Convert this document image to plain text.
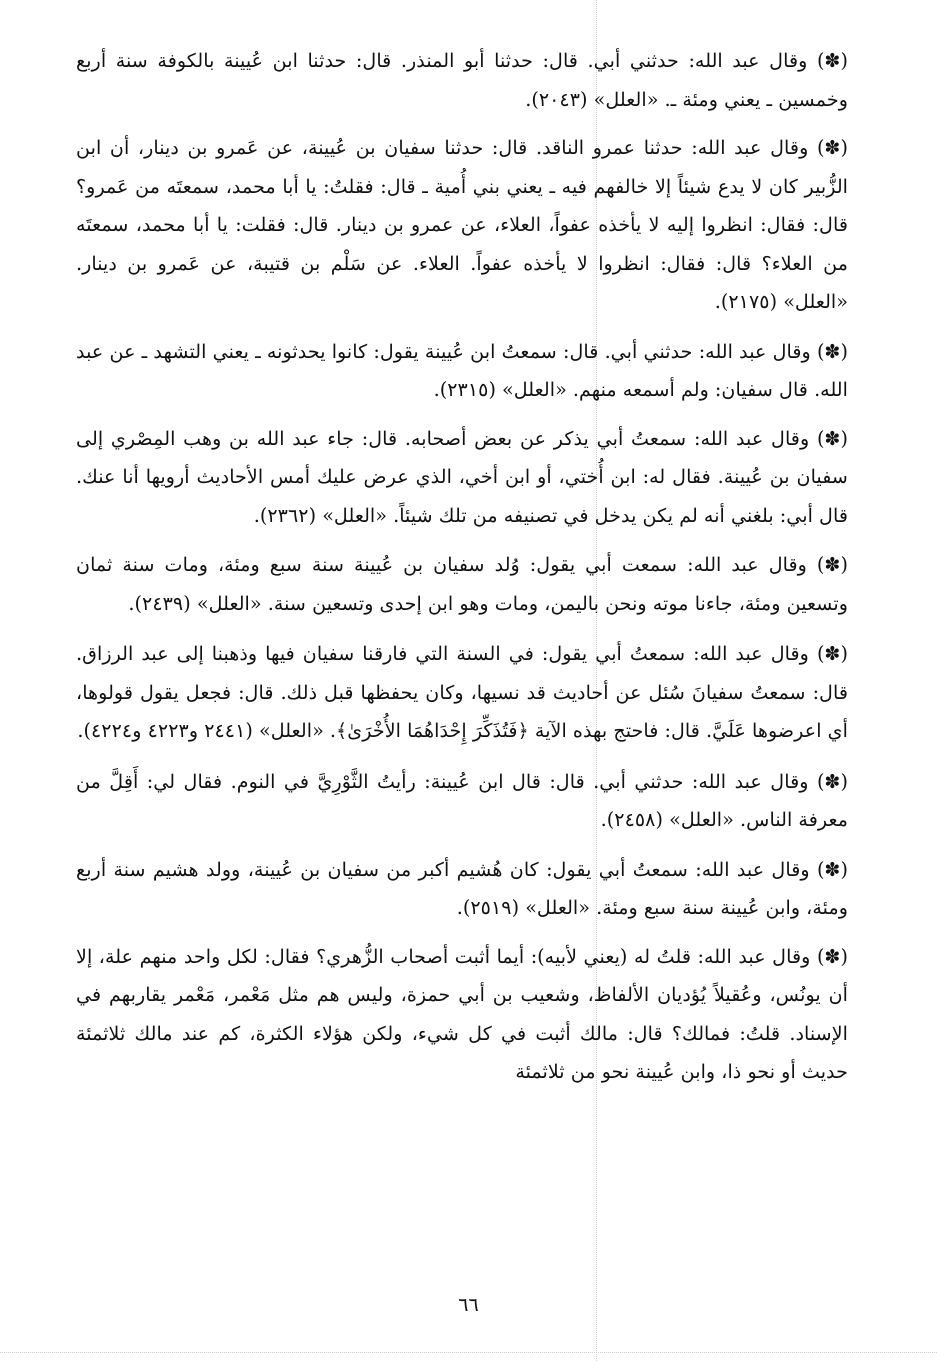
(✽) وقال عبد الله: حدثني أبي. قال: حدثنا أبو المنذر. قال: حدثنا ابن عُيينة بالكوفة سنة أربع وخمسين ـ يعني ومئة ـ. «العلل» (٢٠٤٣).

(✽) وقال عبد الله: حدثنا عمرو الناقد. قال: حدثنا سفيان بن عُيينة، عن عَمرو بن دينار، أن ابن الزُّبير كان لا يدع شيئاً إلا خالفهم فيه ـ يعني بني أُمية ـ قال: فقلتُ: يا أبا محمد، سمعتَه من عَمرو؟ قال: فقال: انظروا إليه لا يأخذه عفواً، العلاء، عن عمرو بن دينار. قال: فقلت: يا أبا محمد، سمعتَه من العلاء؟ قال: فقال: انظروا لا يأخذه عفواً. العلاء. عن سَلْم بن قتيبة، عن عَمرو بن دينار. «العلل» (٢١٧٥).

(✽) وقال عبد الله: حدثني أبي. قال: سمعتُ ابن عُيينة يقول: كانوا يحدثونه ـ يعني التشهد ـ عن عبد الله. قال سفيان: ولم أسمعه منهم. «العلل» (٢٣١٥).

(✽) وقال عبد الله: سمعتُ أبي يذكر عن بعض أصحابه. قال: جاء عبد الله بن وهب المِصْري إلى سفيان بن عُيينة. فقال له: ابن أُختي، أو ابن أخي، الذي عرض عليك أمس الأحاديث أرويها أنا عنك. قال أبي: بلغني أنه لم يكن يدخل في تصنيفه من تلك شيئاً. «العلل» (٢٣٦٢).

(✽) وقال عبد الله: سمعت أبي يقول: وُلد سفيان بن عُيينة سنة سبع ومئة، ومات سنة ثمان وتسعين ومئة، جاءنا موته ونحن باليمن، ومات وهو ابن إحدى وتسعين سنة. «العلل» (٢٤٣٩).

(✽) وقال عبد الله: سمعتُ أبي يقول: في السنة التي فارقنا سفيان فيها وذهبنا إلى عبد الرزاق. قال: سمعتُ سفيانَ سُئل عن أحاديث قد نسيها، وكان يحفظها قبل ذلك. قال: فجعل يقول قولوها، أي اعرضوها عَلَيَّ. قال: فاحتج بهذه الآية ﴿فَتُذَكِّرَ إِحْدَاهُمَا الأُخْرَىٰ﴾. «العلل» (٢٤٤١ و٤٢٢٣ و٤٢٢٤).

(✽) وقال عبد الله: حدثني أبي. قال: قال ابن عُيينة: رأيتُ الثَّوْرِيَّ في النوم. فقال لي: أَقِلَّ من معرفة الناس. «العلل» (٢٤٥٨).

(✽) وقال عبد الله: سمعتُ أبي يقول: كان هُشيم أكبر من سفيان بن عُيينة، وولد هشيم سنة أربع ومئة، وابن عُيينة سنة سبع ومئة. «العلل» (٢٥١٩).

(✽) وقال عبد الله: قلتُ له (يعني لأبيه): أيما أثبت أصحاب الزُّهري؟ فقال: لكل واحد منهم علة، إلا أن يونُس، وعُقيلاً يُؤديان الألفاظ، وشعيب بن أبي حمزة، وليس هم مثل مَعْمر، مَعْمر يقاربهم في الإسناد. قلتُ: فمالك؟ قال: مالك أثبت في كل شيء، ولكن هؤلاء الكثرة، كم عند مالك ثلاثمئة حديث أو نحو ذا، وابن عُيينة نحو من ثلاثمئة

٦٦
